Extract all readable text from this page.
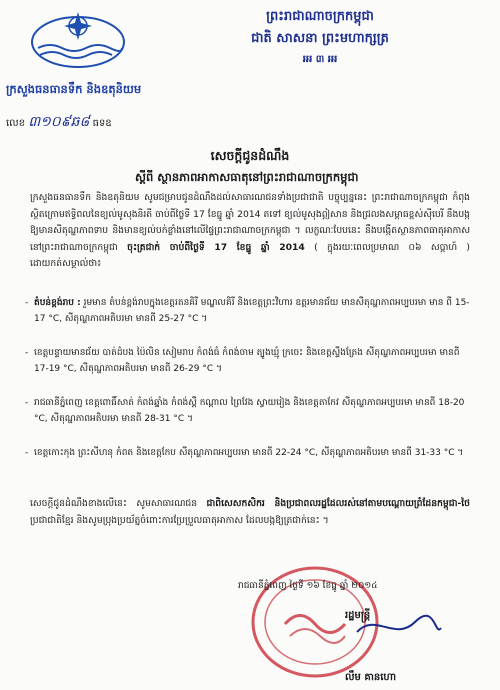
ក្រសួងធនធានទឹក និងឧតុនិយម
លេខ ៣១០៩ឆ៨ ធទឧ
ព្រះរាជាណាចក្រកម្ពុជា
ជាតិ សាសនា ព្រះមហាក្សត្រ
៛៛៛ ៣ ៛៛៛
សេចក្ដីជូនដំណឹង
ស្ដីពី ស្ថានភាពអាកាសធាតុនៅព្រះរាជាណាចក្រកម្ពុជា
ក្រសួងធនធានទឹក និងឧតុនិយម សូមជម្រាបជូនដំណឹងដល់សាធារណជនទាំងប្រជាជាតិ បច្ចុប្បន្ននេះ ព្រះរាជាណាចក្រកម្ពុជា កំពុងស្ថិតក្រោមឥទ្ធិពលនៃខ្យល់មូសុងនិរតី ចាប់ពីថ្ងៃទី 17 ខែធ្នូ ឆ្នាំ 2014 តទៅ ខ្យល់មូសុងឦសាន និងជ្រលងសម្ពាធខ្ពស់ស៊ីបេរី នឹងបង្កឱ្យមានសីតុណ្ហភាពទាប និងមានខ្យល់បក់ខ្លាំងនៅលើផ្ទៃព្រះរាជាណាចក្រកម្ពុជា ។ លក្ខណៈបែបនេះ នឹងបង្កើតស្ថានភាពធាតុអាកាសនៅព្រះរាជាណាចក្រកម្ពុជា ចុះត្រជាក់ ចាប់ពីថ្ងៃទី 17 ខែធ្នូ ឆ្នាំ 2014 ( ក្នុងរយៈពេលប្រមាណ ០៦ សប្ដាហ៍ ) ដោយកត់សម្គាល់ថា៖
- តំបន់ខ្ពង់រាប : រួមមាន តំបន់ខ្ពង់រាបក្នុងខេត្តរតនគិរី មណ្ឌលគិរី និងខេត្តព្រះវិហារ ឧត្ដរមានជ័យ មានសីតុណ្ហភាពអប្បបរមា មាន ពី 15-17 °C, សីតុណ្ហភាពអតិបរមា មានពី 25-27 °C ។
- ខេត្តបន្ទាយមានជ័យ បាត់ដំបង ប៉ៃលិន សៀមរាប កំពង់ធំ កំពង់ចាម ត្បូងឃ្មុំ ក្រចេះ និងខេត្តស្ទឹងត្រែង សីតុណ្ហភាពអប្បបរមា មានពី 17-19 °C, សីតុណ្ហភាពអតិបរមា មានពី 26-29 °C ។
- រាជធានីភ្នំពេញ ខេត្តពោធិ៍សាត់ កំពង់ឆ្នាំង កំពង់ស្ពឺ កណ្ដាល ព្រៃវែង ស្វាយរៀង និងខេត្តតាកែវ សីតុណ្ហភាពអប្បបរមា មានពី 18-20 °C, សីតុណ្ហភាពអតិបរមា មានពី 28-31 °C ។
- ខេត្តកោះកុង ព្រះសីហនុ កំពត និងខេត្តកែប សីតុណ្ហភាពអប្បបរមា មានពី 22-24 °C, សីតុណ្ហភាពអតិបរមា មានពី 31-33 °C ។
សេចក្ដីជូនដំណឹងខាងលើនេះ សូមសាធារណជន ជាពិសេសកសិករ និងប្រជាពលរដ្ឋដែលរស់នៅតាមបណ្ដោយព្រំដែនកម្ពុជា-ថៃ ប្រជាជាតិខ្មែរ និងសូមប្រុងប្រយ័ត្នចំពោះការប្រែប្រួលធាតុអាកាស ដែលបង្កឱ្យត្រជាក់នេះ ។
រាជធានីភ្នំពេញ ថ្ងៃទី ១៦ ខែធ្នូ ឆ្នាំ ២០១៤
រដ្ឋមន្ត្រី
លឹម គានហោ
